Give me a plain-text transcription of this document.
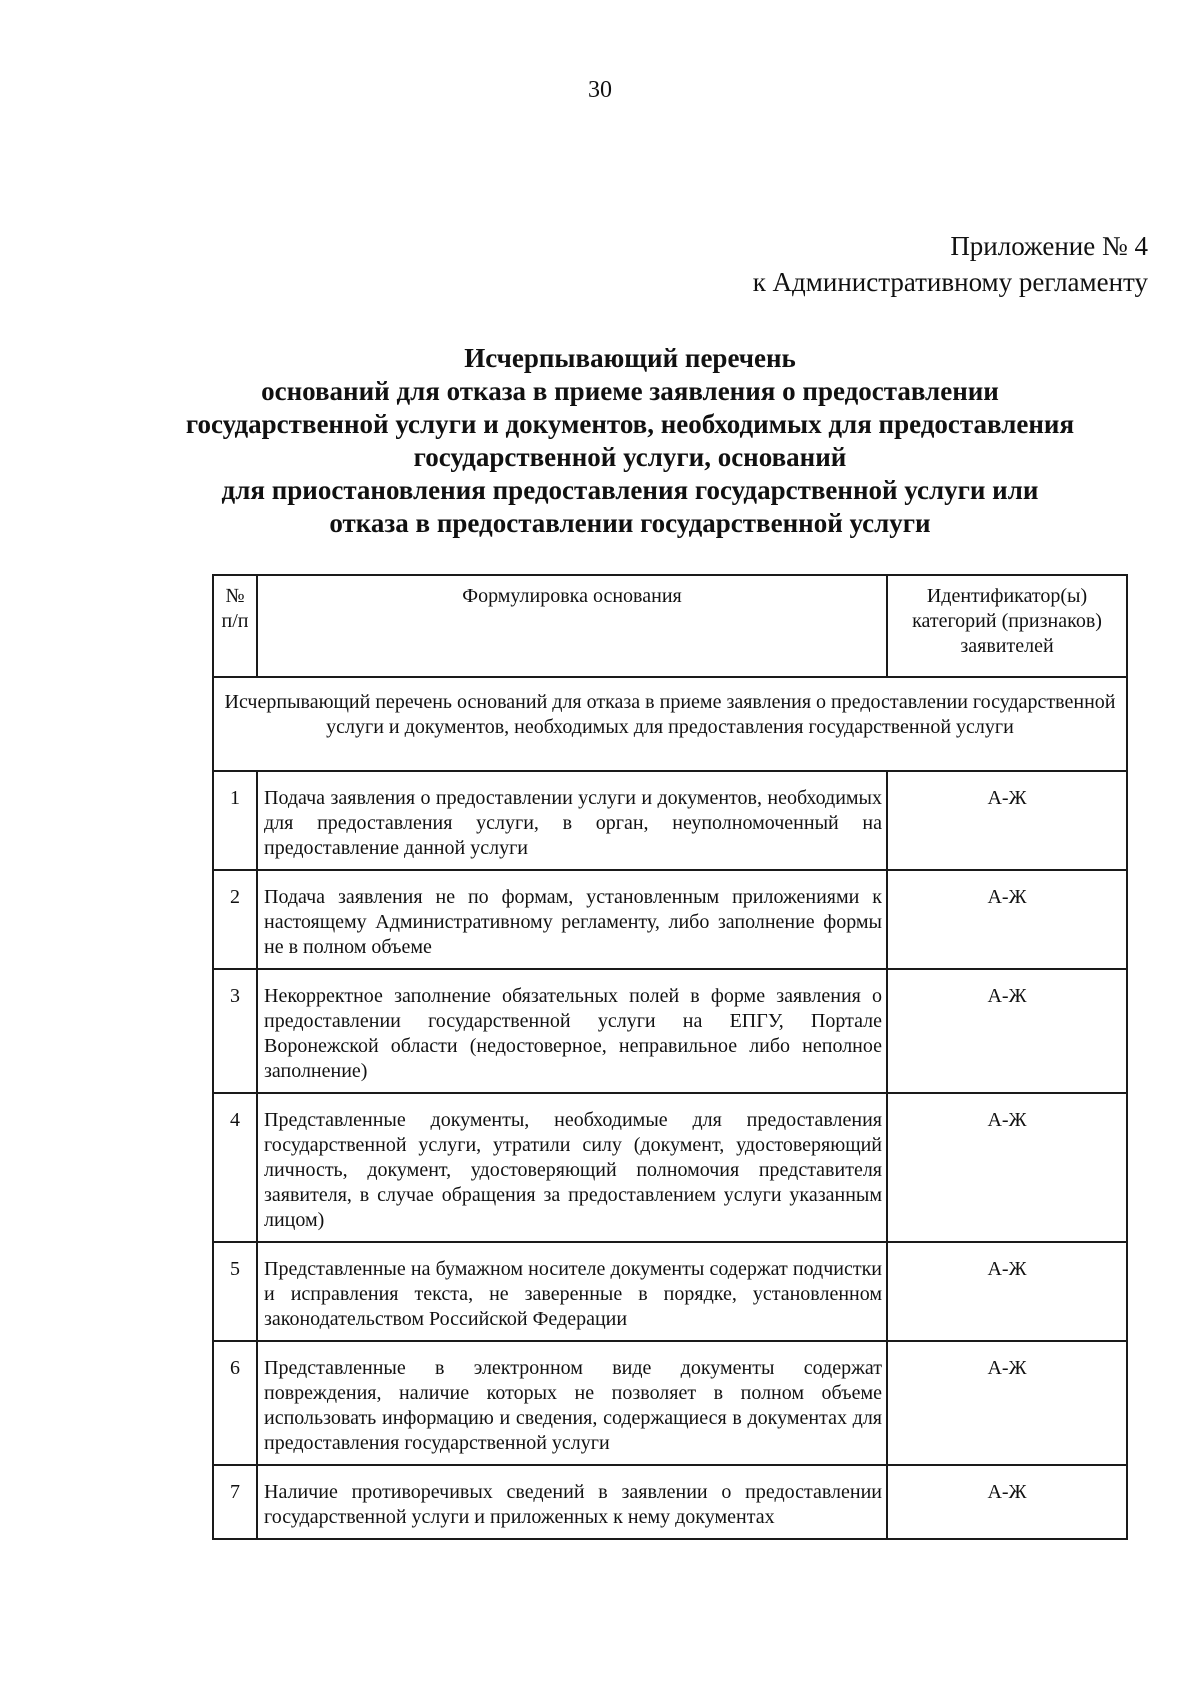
30
Приложение № 4
к Административному регламенту
Исчерпывающий перечень
оснований для отказа в приеме заявления о предоставлении
государственной услуги и документов, необходимых для предоставления
государственной услуги, оснований
для приостановления предоставления государственной услуги или
отказа в предоставлении государственной услуги
№ п/п	Формулировка основания	Идентификатор(ы) категорий (признаков) заявителей
Исчерпывающий перечень оснований для отказа в приеме заявления о предоставлении государственной услуги и документов, необходимых для предоставления государственной услуги		
1	Подача заявления о предоставлении услуги и документов, необходимых для предоставления услуги, в орган, неуполномоченный на предоставление данной услуги	А-Ж
2	Подача заявления не по формам, установленным приложениями к настоящему Административному регламенту, либо заполнение формы не в полном объеме	А-Ж
3	Некорректное заполнение обязательных полей в форме заявления о предоставлении государственной услуги на ЕПГУ, Портале Воронежской области (недостоверное, неправильное либо неполное заполнение)	А-Ж
4	Представленные документы, необходимые для предоставления государственной услуги, утратили силу (документ, удостоверяющий личность, документ, удостоверяющий полномочия представителя заявителя, в случае обращения за предоставлением услуги указанным лицом)	А-Ж
5	Представленные на бумажном носителе документы содержат подчистки и исправления текста, не заверенные в порядке, установленном законодательством Российской Федерации	А-Ж
6	Представленные в электронном виде документы содержат повреждения, наличие которых не позволяет в полном объеме использовать информацию и сведения, содержащиеся в документах для предоставления государственной услуги	А-Ж
7	Наличие противоречивых сведений в заявлении о предоставлении государственной услуги и приложенных к нему документах	А-Ж
